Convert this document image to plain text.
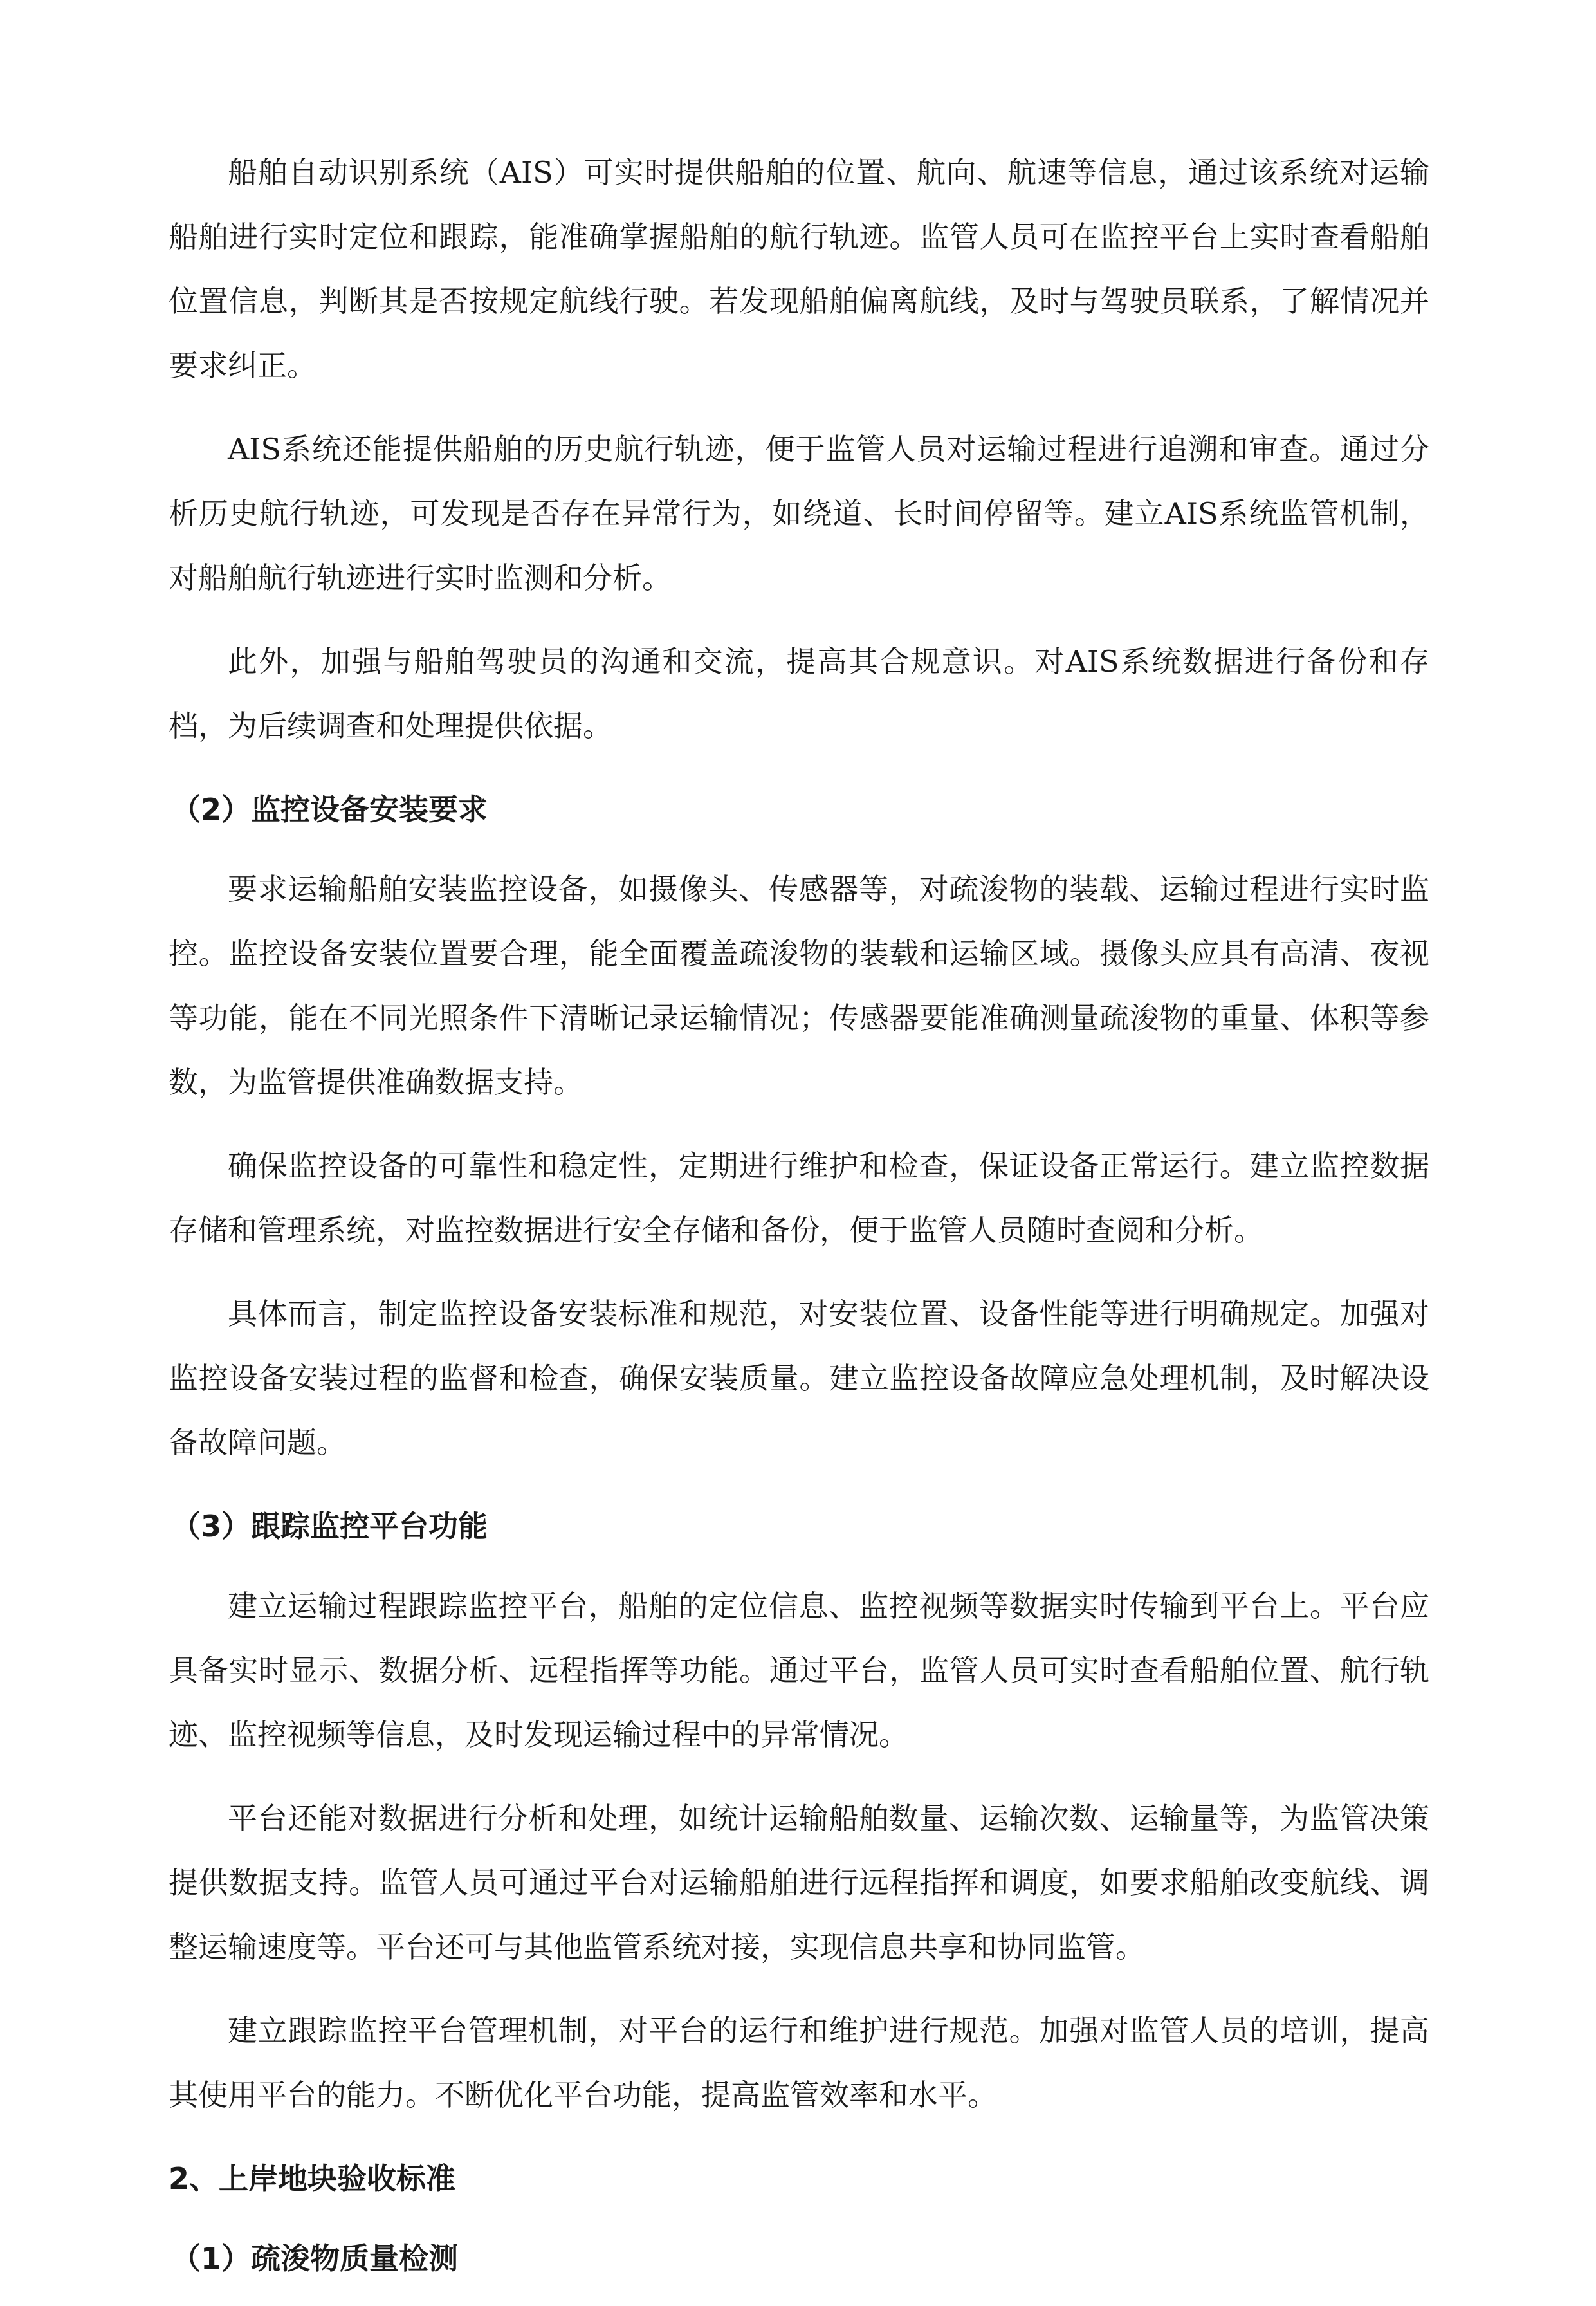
船舶自动识别系统（AIS）可实时提供船舶的位置、航向、航速等信息，通过该系统对运输船舶进行实时定位和跟踪，能准确掌握船舶的航行轨迹。监管人员可在监控平台上实时查看船舶位置信息，判断其是否按规定航线行驶。若发现船舶偏离航线，及时与驾驶员联系，了解情况并要求纠正。

AIS系统还能提供船舶的历史航行轨迹，便于监管人员对运输过程进行追溯和审查。通过分析历史航行轨迹，可发现是否存在异常行为，如绕道、长时间停留等。建立AIS系统监管机制，对船舶航行轨迹进行实时监测和分析。

此外，加强与船舶驾驶员的沟通和交流，提高其合规意识。对AIS系统数据进行备份和存档，为后续调查和处理提供依据。

（2）监控设备安装要求

要求运输船舶安装监控设备，如摄像头、传感器等，对疏浚物的装载、运输过程进行实时监控。监控设备安装位置要合理，能全面覆盖疏浚物的装载和运输区域。摄像头应具有高清、夜视等功能，能在不同光照条件下清晰记录运输情况；传感器要能准确测量疏浚物的重量、体积等参数，为监管提供准确数据支持。

确保监控设备的可靠性和稳定性，定期进行维护和检查，保证设备正常运行。建立监控数据存储和管理系统，对监控数据进行安全存储和备份，便于监管人员随时查阅和分析。

具体而言，制定监控设备安装标准和规范，对安装位置、设备性能等进行明确规定。加强对监控设备安装过程的监督和检查，确保安装质量。建立监控设备故障应急处理机制，及时解决设备故障问题。

（3）跟踪监控平台功能

建立运输过程跟踪监控平台，船舶的定位信息、监控视频等数据实时传输到平台上。平台应具备实时显示、数据分析、远程指挥等功能。通过平台，监管人员可实时查看船舶位置、航行轨迹、监控视频等信息，及时发现运输过程中的异常情况。

平台还能对数据进行分析和处理，如统计运输船舶数量、运输次数、运输量等，为监管决策提供数据支持。监管人员可通过平台对运输船舶进行远程指挥和调度，如要求船舶改变航线、调整运输速度等。平台还可与其他监管系统对接，实现信息共享和协同监管。

建立跟踪监控平台管理机制，对平台的运行和维护进行规范。加强对监管人员的培训，提高其使用平台的能力。不断优化平台功能，提高监管效率和水平。

2、上岸地块验收标准
（1）疏浚物质量检测
